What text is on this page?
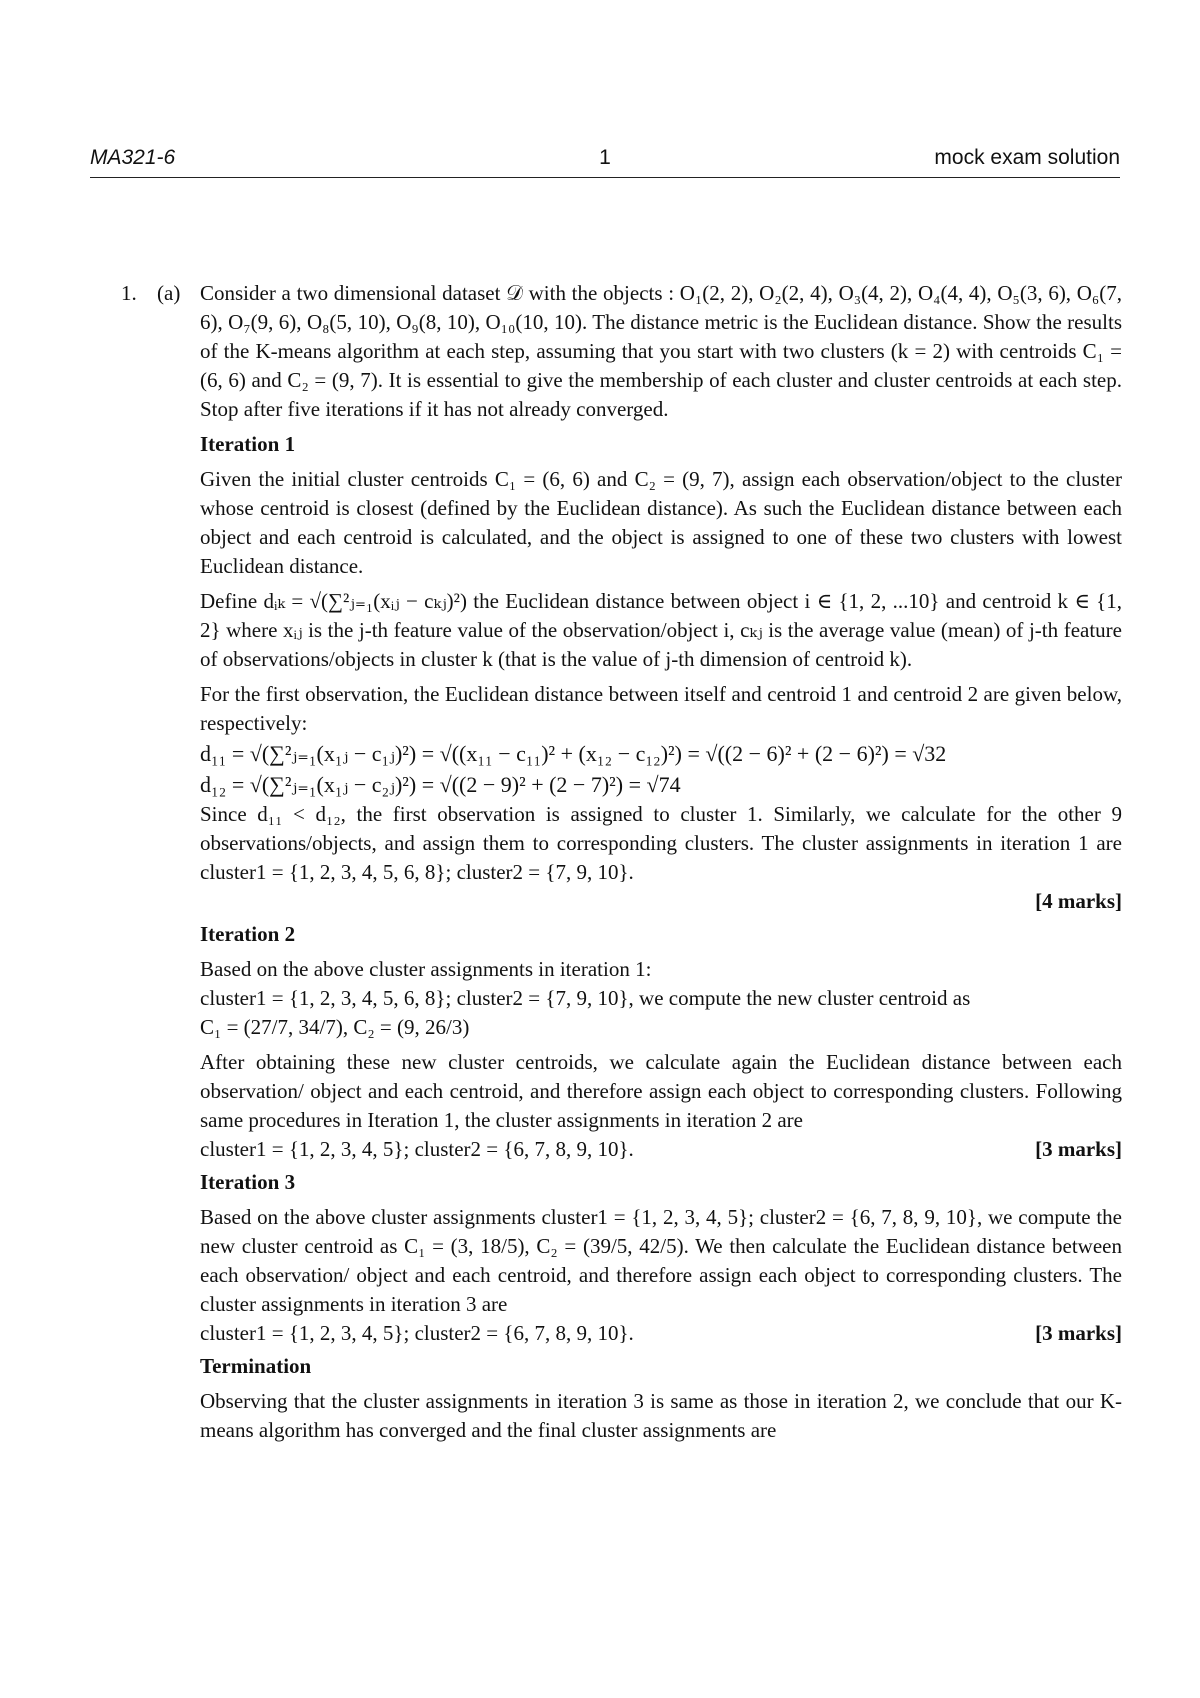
MA321-6	1	mock exam solution
1. (a) Consider a two dimensional dataset 𝒟 with the objects : O₁(2, 2), O₂(2, 4), O₃(4, 2), O₄(4, 4), O₅(3, 6), O₆(7, 6), O₇(9, 6), O₈(5, 10), O₉(8, 10), O₁₀(10, 10). The distance metric is the Euclidean distance. Show the results of the K-means algorithm at each step, assuming that you start with two clusters (k = 2) with centroids C₁ = (6, 6) and C₂ = (9, 7). It is essential to give the membership of each cluster and cluster centroids at each step. Stop after five iterations if it has not already converged.

Iteration 1

Given the initial cluster centroids C₁ = (6, 6) and C₂ = (9, 7), assign each observation/object to the cluster whose centroid is closest (defined by the Euclidean distance). As such the Euclidean distance between each object and each centroid is calculated, and the object is assigned to one of these two clusters with lowest Euclidean distance.

Define dᵢₖ = √(∑²ⱼ₌₁(xᵢⱼ − cₖⱼ)²) the Euclidean distance between object i ∈ {1, 2, ...10} and centroid k ∈ {1, 2} where xᵢⱼ is the j-th feature value of the observation/object i, cₖⱼ is the average value (mean) of j-th feature of observations/objects in cluster k (that is the value of j-th dimension of centroid k).

For the first observation, the Euclidean distance between itself and centroid 1 and centroid 2 are given below, respectively:

d₁₁ = √(∑²ⱼ₌₁(x₁ⱼ − c₁ⱼ)²) = √((x₁₁ − c₁₁)² + (x₁₂ − c₁₂)²) = √((2 − 6)² + (2 − 6)²) = √32
d₁₂ = √(∑²ⱼ₌₁(x₁ⱼ − c₂ⱼ)²) = √((2 − 9)² + (2 − 7)²) = √74

Since d₁₁ < d₁₂, the first observation is assigned to cluster 1. Similarly, we calculate for the other 9 observations/objects, and assign them to corresponding clusters. The cluster assignments in iteration 1 are cluster1 = {1, 2, 3, 4, 5, 6, 8}; cluster2 = {7, 9, 10}.

[4 marks]
Iteration 2
Based on the above cluster assignments in iteration 1:
cluster1 = {1, 2, 3, 4, 5, 6, 8}; cluster2 = {7, 9, 10}, we compute the new cluster centroid as
C₁ = (27/7, 34/7), C₂ = (9, 26/3)

After obtaining these new cluster centroids, we calculate again the Euclidean distance between each observation/ object and each centroid, and therefore assign each object to corresponding clusters. Following same procedures in Iteration 1, the cluster assignments in iteration 2 are

cluster1 = {1, 2, 3, 4, 5}; cluster2 = {6, 7, 8, 9, 10}.	[3 marks]
Iteration 3

Based on the above cluster assignments cluster1 = {1, 2, 3, 4, 5}; cluster2 = {6, 7, 8, 9, 10}, we compute the new cluster centroid as C₁ = (3, 18/5), C₂ = (39/5, 42/5). We then calculate the Euclidean distance between each observation/ object and each centroid, and therefore assign each object to corresponding clusters. The cluster assignments in iteration 3 are

cluster1 = {1, 2, 3, 4, 5}; cluster2 = {6, 7, 8, 9, 10}.	[3 marks]
Termination

Observing that the cluster assignments in iteration 3 is same as those in iteration 2, we conclude that our K-means algorithm has converged and the final cluster assignments are
